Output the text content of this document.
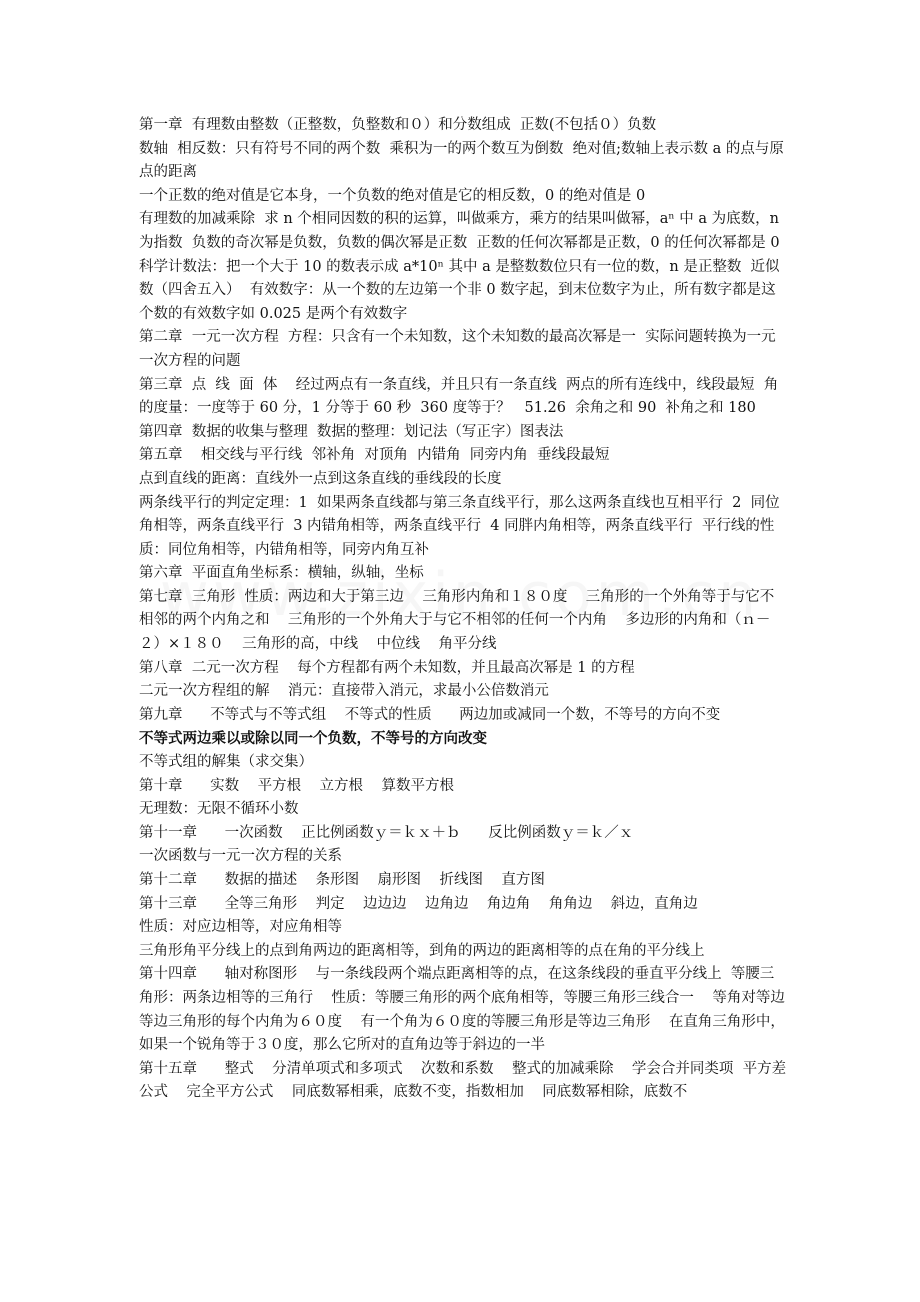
第一章  有理数由整数（正整数，负整数和０）和分数组成  正数(不包括０）负数

数轴  相反数：只有符号不同的两个数  乘积为一的两个数互为倒数  绝对值;数轴上表示数 a 的点与原点的距离

一个正数的绝对值是它本身，一个负数的绝对值是它的相反数，0 的绝对值是 0

有理数的加减乘除  求 n 个相同因数的积的运算，叫做乘方，乘方的结果叫做幂，aⁿ 中 a 为底数，n 为指数  负数的奇次幂是负数，负数的偶次幂是正数  正数的任何次幂都是正数，0 的任何次幂都是 0  科学计数法：把一个大于 10 的数表示成 a*10ⁿ 其中 a 是整数数位只有一位的数，n 是正整数  近似数（四舍五入）  有效数字：从一个数的左边第一个非 0 数字起，到末位数字为止，所有数字都是这个数的有效数字如 0.025 是两个有效数字

第二章  一元一次方程  方程：只含有一个未知数，这个未知数的最高次幂是一  实际问题转换为一元一次方程的问题

第三章  点  线  面  体    经过两点有一条直线，并且只有一条直线  两点的所有连线中，线段最短  角的度量：一度等于 60 分，1 分等于 60 秒  360 度等于？   51.26  余角之和 90  补角之和 180

第四章  数据的收集与整理  数据的整理：划记法（写正字）图表法

第五章    相交线与平行线  邻补角  对顶角  内错角  同旁内角  垂线段最短

点到直线的距离：直线外一点到这条直线的垂线段的长度

两条线平行的判定定理：1  如果两条直线都与第三条直线平行，那么这两条直线也互相平行  2  同位角相等，两条直线平行  3 内错角相等，两条直线平行  4 同胖内角相等，两条直线平行  平行线的性质：同位角相等，内错角相等，同旁内角互补

第六章  平面直角坐标系：横轴，纵轴，坐标

第七章  三角形  性质：两边和大于第三边    三角形内角和１８０度    三角形的一个外角等于与它不相邻的两个内角之和    三角形的一个外角大于与它不相邻的任何一个内角    多边形的内角和（ｎ－２）×１８０    三角形的高，中线    中位线    角平分线

第八章  二元一次方程    每个方程都有两个未知数，并且最高次幂是 1 的方程

二元一次方程组的解    消元：直接带入消元，求最小公倍数消元

第九章      不等式与不等式组    不等式的性质      两边加或减同一个数，不等号的方向不变

不等式两边乘以或除以同一个负数，不等号的方向改变

不等式组的解集（求交集）

第十章      实数    平方根    立方根    算数平方根

无理数：无限不循环小数

第十一章      一次函数    正比例函数ｙ＝ｋｘ＋ｂ      反比例函数ｙ＝ｋ／ｘ

一次函数与一元一次方程的关系

第十二章      数据的描述    条形图    扇形图    折线图    直方图

第十三章      全等三角形    判定    边边边    边角边    角边角    角角边    斜边，直角边

性质：对应边相等，对应角相等

三角形角平分线上的点到角两边的距离相等，到角的两边的距离相等的点在角的平分线上

第十四章      轴对称图形    与一条线段两个端点距离相等的点，在这条线段的垂直平分线上  等腰三角形：两条边相等的三角行    性质：等腰三角形的两个底角相等，等腰三角形三线合一    等角对等边    等边三角形的每个内角为６０度    有一个角为６０度的等腰三角形是等边三角形    在直角三角形中，如果一个锐角等于３０度，那么它所对的直角边等于斜边的一半

第十五章      整式    分清单项式和多项式    次数和系数    整式的加减乘除    学会合并同类项  平方差公式    完全平方公式    同底数幂相乘，底数不变，指数相加    同底数幂相除，底数不
